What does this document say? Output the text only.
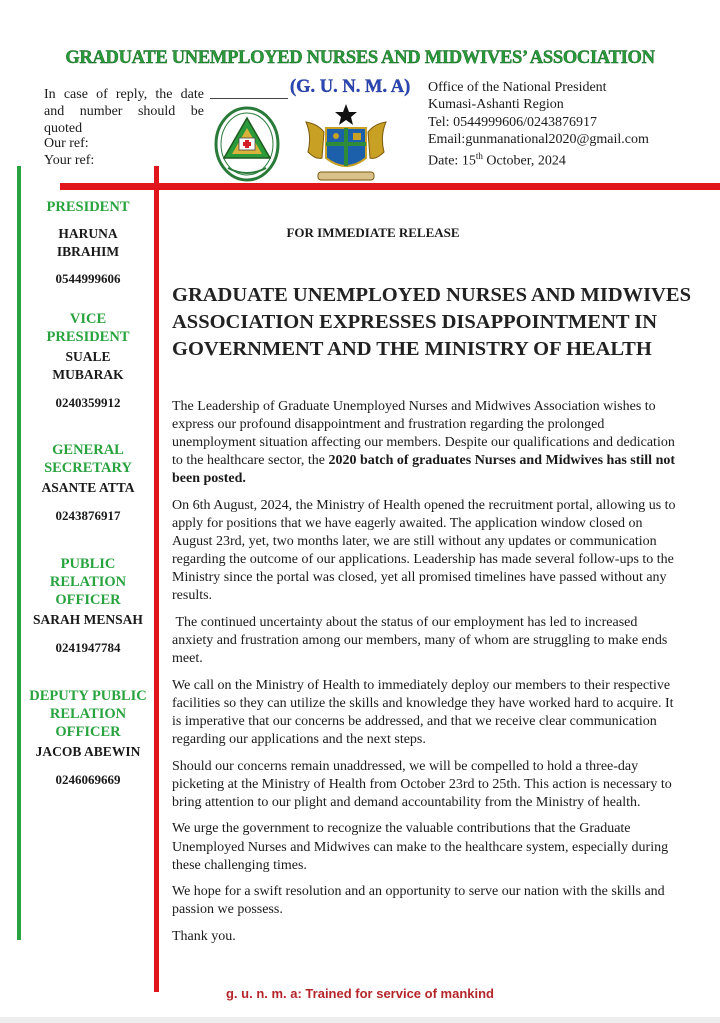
GRADUATE UNEMPLOYED NURSES AND MIDWIVES’ ASSOCIATION
(G. U. N. M. A)
In case of reply, the date and number should be quoted
Our ref:
Your ref:
Office of the National President
Kumasi-Ashanti Region
Tel: 0544999606/0243876917
Email:gunmanational2020@gmail.com
Date: 15th October, 2024
PRESIDENT
HARUNA IBRAHIM
0544999606
VICE PRESIDENT
SUALE MUBARAK
0240359912
GENERAL SECRETARY
ASANTE ATTA
0243876917
PUBLIC RELATION OFFICER
SARAH MENSAH
0241947784
DEPUTY PUBLIC RELATION OFFICER
JACOB ABEWIN
0246069669
FOR IMMEDIATE RELEASE
GRADUATE UNEMPLOYED NURSES AND MIDWIVES ASSOCIATION EXPRESSES DISAPPOINTMENT IN GOVERNMENT AND THE MINISTRY OF HEALTH

The Leadership of Graduate Unemployed Nurses and Midwives Association wishes to express our profound disappointment and frustration regarding the prolonged unemployment situation affecting our members. Despite our qualifications and dedication to the healthcare sector, the 2020 batch of graduates Nurses and Midwives has still not been posted.

On 6th August, 2024, the Ministry of Health opened the recruitment portal, allowing us to apply for positions that we have eagerly awaited. The application window closed on August 23rd, yet, two months later, we are still without any updates or communication regarding the outcome of our applications. Leadership has made several follow-ups to the Ministry since the portal was closed, yet all promised timelines have passed without any results.

The continued uncertainty about the status of our employment has led to increased anxiety and frustration among our members, many of whom are struggling to make ends meet.

We call on the Ministry of Health to immediately deploy our members to their respective facilities so they can utilize the skills and knowledge they have worked hard to acquire. It is imperative that our concerns be addressed, and that we receive clear communication regarding our applications and the next steps.

Should our concerns remain unaddressed, we will be compelled to hold a three-day picketing at the Ministry of Health from October 23rd to 25th. This action is necessary to bring attention to our plight and demand accountability from the Ministry of health.

We urge the government to recognize the valuable contributions that the Graduate Unemployed Nurses and Midwives can make to the healthcare system, especially during these challenging times.

We hope for a swift resolution and an opportunity to serve our nation with the skills and passion we possess.

Thank you.

g. u. n. m. a: Trained for service of mankind
